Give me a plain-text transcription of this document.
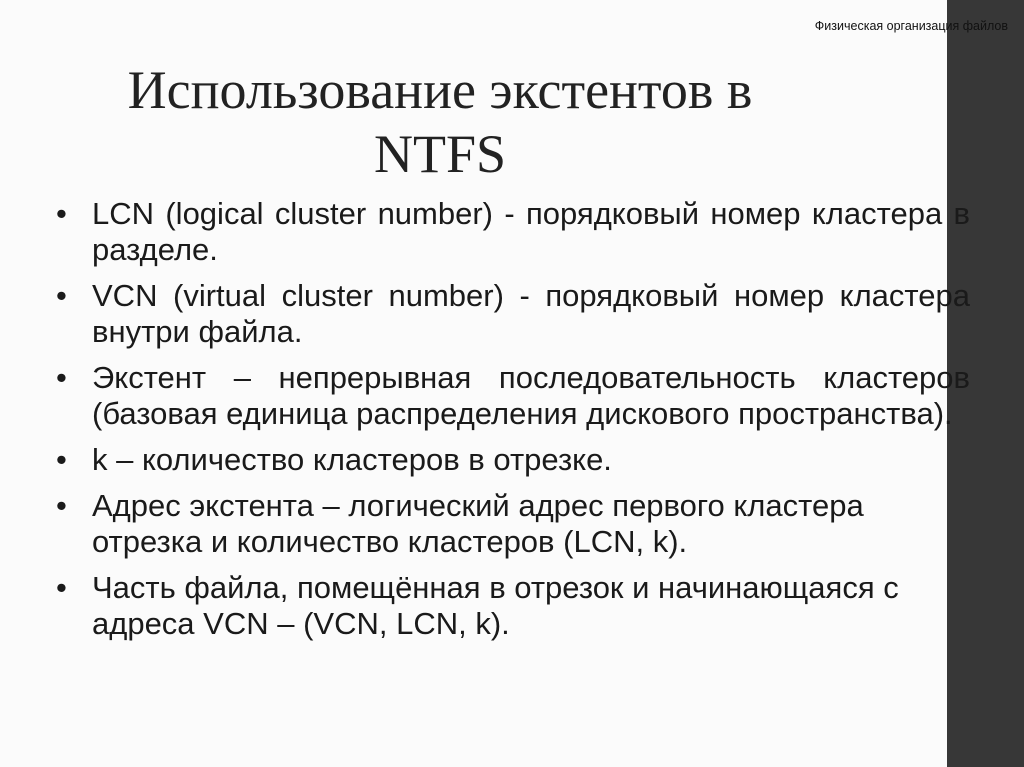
Физическая организация файлов
Использование экстентов в NTFS
• LCN (logical cluster number) - порядковый номер кластера в разделе.
• VCN (virtual cluster number) - порядковый номер кластера внутри файла.
• Экстент – непрерывная последовательность кластеров (базовая единица распределения дискового пространства).
• k – количество кластеров в отрезке.
• Адрес экстента – логический адрес первого кластера отрезка и количество кластеров (LCN, k).
• Часть файла, помещённая в отрезок и начинающаяся с адреса VCN – (VCN, LCN, k).
